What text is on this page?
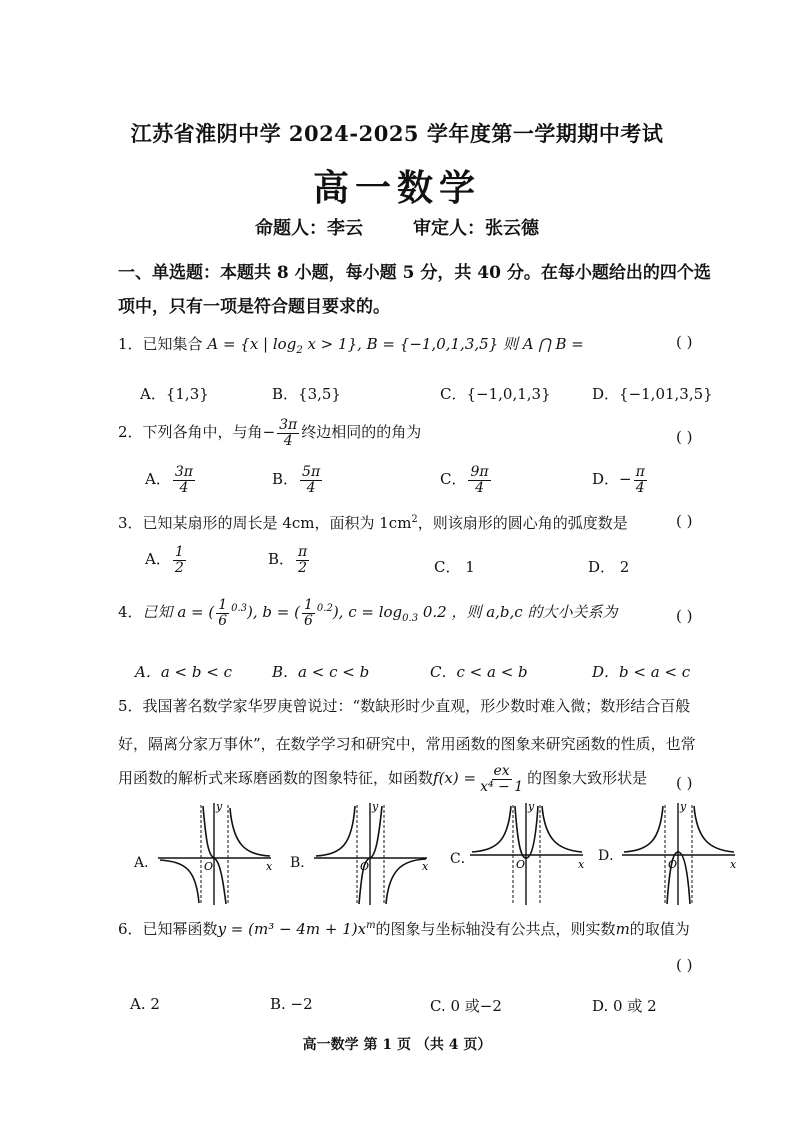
江苏省淮阴中学 2024-2025 学年度第一学期期中考试
高一数学
命题人：李云	审定人：张云德
一、单选题：本题共 8 小题，每小题 5 分，共 40 分。在每小题给出的四个选
项中，只有一项是符合题目要求的。
1．已知集合 A = {x | $\log_2 x > 1$}, B = {−1,0,1,3,5} 则 A ⋂ B =	( )
A．{1,3}	B．{3,5}	C．{−1,0,1,3}	D．{−1,01,3,5}
2．下列各角中，与角− $\frac{3\pi}{4}$ 终边相同的的角为	( )
A． $\frac{3\pi}{4}$	B． $\frac{5\pi}{4}$	C． $\frac{9\pi}{4}$	D．− $\frac{\pi}{4}$
3．已知某扇形的周长是 4cm，面积为 $1cm^2$，则该扇形的圆心角的弧度数是	( )
A． $\frac{1}{2}$	B． $\frac{\pi}{2}$	C． 1	D． 2
4．已知 a = ( $\frac{1}{6} ^{0.3}$), b = ( $\frac{1}{6} ^{0.2}$), $c = \log_{0.3} 0.2$ ，则 a,b,c 的大小关系为	( )
A．a < b < c	B．a < c < b	C．c < a < b	D．b < a < c
5．我国著名数学家华罗庚曾说过：“数缺形时少直观，形少数时难入微；数形结合百般
好，隔离分家万事休”，在数学学习和研究中，常用函数的图象来研究函数的性质，也常
用函数的解析式来琢磨函数的图象特征，如函数$f(x) = \frac{ex}{\text{x⁴ − 1}}$ 的图象大致形状是 ( )
A．
y
x
O	B．
y
x
O	C．
y
x
O
D．
y
x
O
6．已知幂函数$y = (m^3 - 4m + 1)x^m$的图象与坐标轴没有公共点，则实数m的取值为
( )
A. 2	B. −2	C. 0 或−2	D. 0 或 2
高一数学 第 1 页 （共 4 页）
